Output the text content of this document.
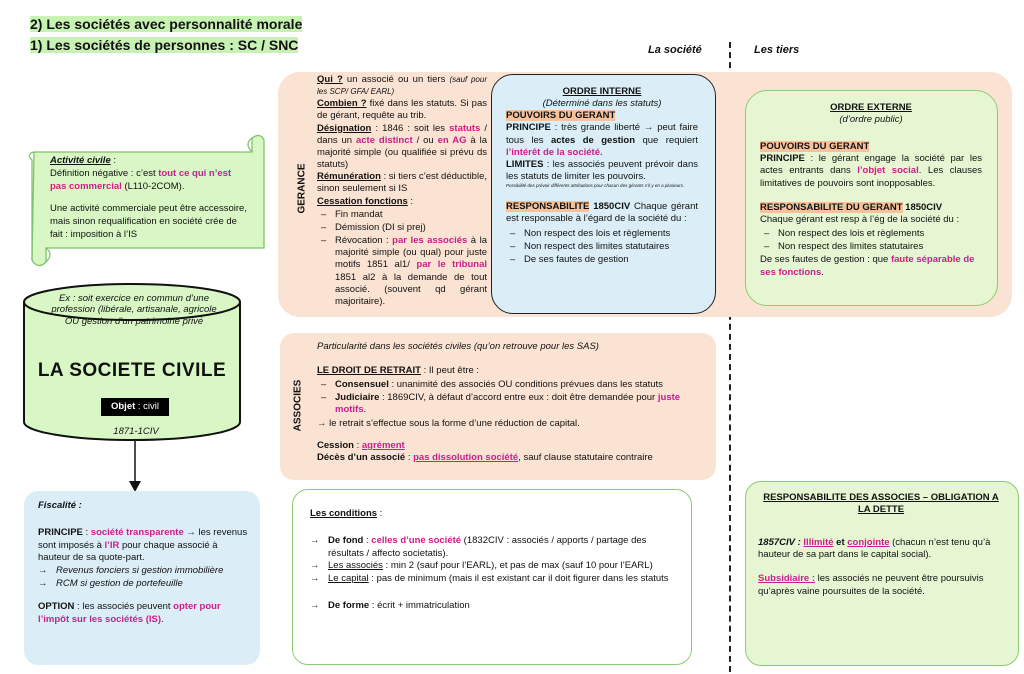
2) Les sociétés avec personnalité morale
1) Les sociétés de personnes : SC / SNC	La société	Les tiers

Activité civile :

Définition négative : c’est tout ce qui n’est pas commercial (L110-2COM).

Une activité commerciale peut être accessoire, mais sinon requalification en société crée de fait : imposition à l’IS

Ex : soit exercice en commun d’une profession (libérale, artisanale, agricole OU gestion d’un patrimoine privé
LA SOCIETE CIVILE
Objet : civil
1871-1CIV

Fiscalité :

PRINCIPE : société transparente → les revenus sont imposés à l’IR pour chaque associé à hauteur de sa quote-part.

→ Revenus fonciers si gestion immobilière
→ RCM si gestion de portefeuille

OPTION : les associés peuvent opter pour l’impôt sur les sociétés (IS).

GERANCE

Qui ? un associé ou un tiers (sauf pour les SCP/ GFA/ EARL)

Combien ? fixé dans les statuts. Si pas de gérant, requête au trib.

Désignation : 1846 : soit les statuts / dans un acte distinct / ou en AG à la majorité simple (ou qualifiée si prévu ds statuts)

Rémunération : si tiers c’est déductible, sinon seulement si IS

Cessation fonctions :

– Fin mandat
– Démission (DI si prej)
– Révocation : par les associés à la majorité simple (ou qual) pour juste motifs 1851 al1/ par le tribunal 1851 al2 à la demande de tout associé. (souvent qd gérant majoritaire).

ORDRE INTERNE

(Déterminé dans les statuts)

POUVOIRS DU GERANT

PRINCIPE : très grande liberté → peut faire tous les actes de gestion que requiert l’intérêt de la société.

LIMITES : les associés peuvent prévoir dans les statuts de limiter les pouvoirs.

Possibilité des prévoir différents attributions pour chacun des gérants s’il y en a plusieurs.

RESPONSABILITE 1850CIV Chaque gérant est responsable à l’égard de la société du :

– Non respect des lois et règlements
– Non respect des limites statutaires
– De ses fautes de gestion

ORDRE EXTERNE

(d’ordre public)

POUVOIRS DU GERANT

PRINCIPE : le gérant engage la société par les actes entrants dans l’objet social. Les clauses limitatives de pouvoirs sont inopposables.

RESPONSABILITE DU GERANT 1850CIV

Chaque gérant est resp à l’ég de la société du :

– Non respect des lois et règlements
– Non respect des limites statutaires

De ses fautes de gestion : que faute séparable de ses fonctions.

ASSOCIES

Particularité dans les sociétés civiles (qu’on retrouve pour les SAS)

LE DROIT DE RETRAIT : Il peut être :

– Consensuel : unanimité des associés OU conditions prévues dans les statuts
– Judiciaire : 1869CIV, à défaut d’accord entre eux : doit être demandée pour juste motifs.

→ le retrait s’effectue sous la forme d’une réduction de capital.

Cession : agrément

Décès d’un associé : pas dissolution société, sauf clause statutaire contraire

Les conditions :

→ De fond : celles d’une société (1832CIV : associés / apports / partage des résultats / affecto societatis).
→ Les associés : min 2 (sauf pour l’EARL), et pas de max (sauf 10 pour l’EARL)
→ Le capital : pas de minimum (mais il est existant car il doit figurer dans les statuts
→ De forme : écrit + immatriculation

RESPONSABILITE DES ASSOCIES – OBLIGATION A LA DETTE

1857CIV : Illimité et conjointe (chacun n’est tenu qu’à hauteur de sa part dans le capital social).

Subsidiaire : les associés ne peuvent être poursuivis qu’après vaine poursuites de la société.
